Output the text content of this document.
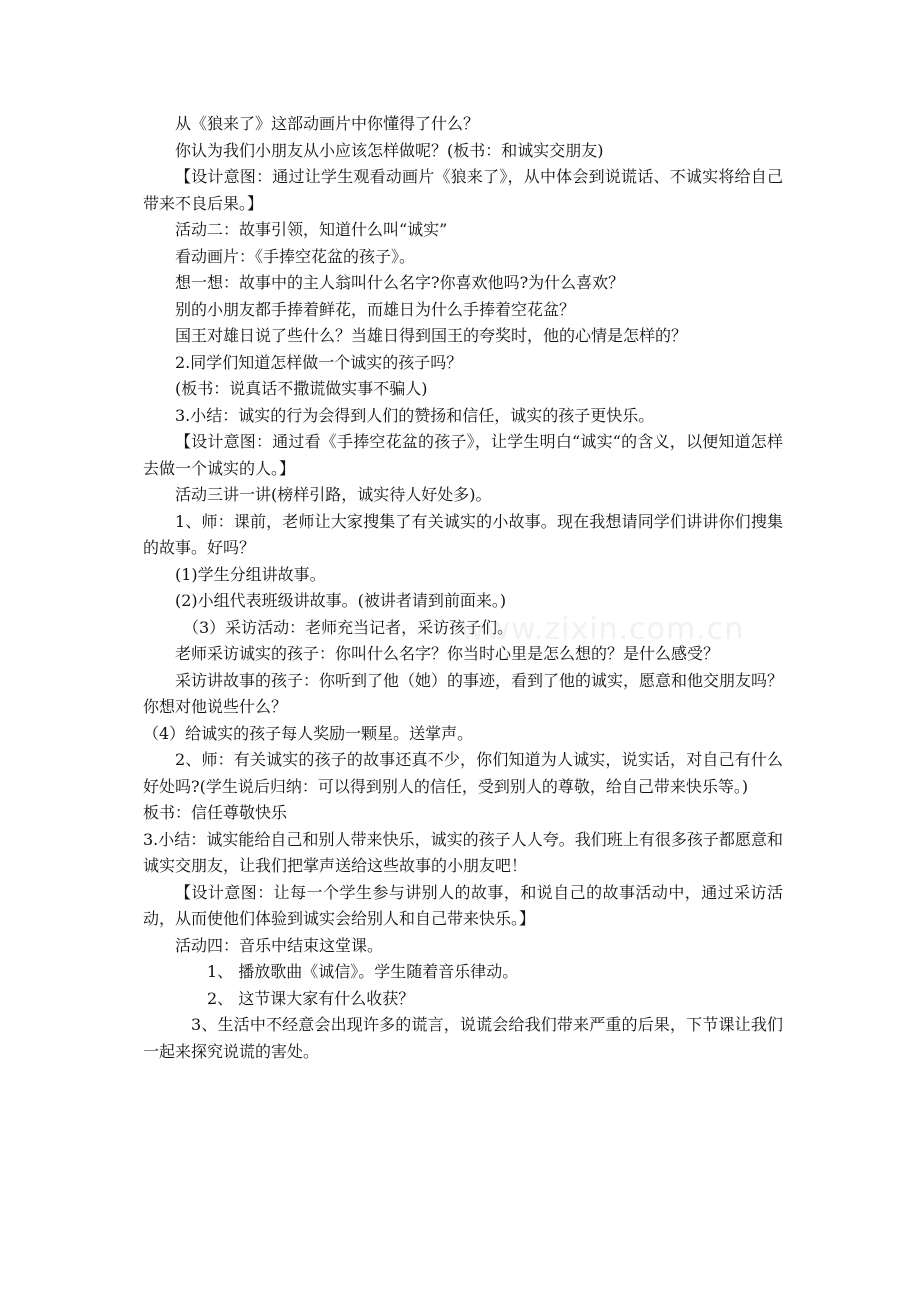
从《狼来了》这部动画片中你懂得了什么？

你认为我们小朋友从小应该怎样做呢？(板书：和诚实交朋友)

【设计意图：通过让学生观看动画片《狼来了》，从中体会到说谎话、不诚实将给自己带来不良后果。】

活动二：故事引领，知道什么叫“诚实”

看动画片：《手捧空花盆的孩子》。

想一想：故事中的主人翁叫什么名字?你喜欢他吗?为什么喜欢？

别的小朋友都手捧着鲜花，而雄日为什么手捧着空花盆？

国王对雄日说了些什么？当雄日得到国王的夸奖时，他的心情是怎样的？

2.同学们知道怎样做一个诚实的孩子吗？

(板书：说真话不撒谎做实事不骗人)

3.小结：诚实的行为会得到人们的赞扬和信任，诚实的孩子更快乐。

【设计意图：通过看《手捧空花盆的孩子》，让学生明白“诚实“的含义，以便知道怎样去做一个诚实的人。】

活动三讲一讲(榜样引路，诚实待人好处多)。

1、师：课前，老师让大家搜集了有关诚实的小故事。现在我想请同学们讲讲你们搜集的故事。好吗？

(1)学生分组讲故事。

(2)小组代表班级讲故事。(被讲者请到前面来。)

（3）采访活动：老师充当记者，采访孩子们。

老师采访诚实的孩子：你叫什么名字？你当时心里是怎么想的？是什么感受？

采访讲故事的孩子：你听到了他（她）的事迹，看到了他的诚实，愿意和他交朋友吗？你想对他说些什么？

（4）给诚实的孩子每人奖励一颗星。送掌声。

2、师：有关诚实的孩子的故事还真不少，你们知道为人诚实，说实话，对自己有什么好处吗?(学生说后归纳：可以得到别人的信任，受到别人的尊敬，给自己带来快乐等。)

板书：信任尊敬快乐

3.小结：诚实能给自己和别人带来快乐，诚实的孩子人人夸。我们班上有很多孩子都愿意和诚实交朋友，让我们把掌声送给这些故事的小朋友吧！

【设计意图：让每一个学生参与讲别人的故事，和说自己的故事活动中，通过采访活动，从而使他们体验到诚实会给别人和自己带来快乐。】

活动四：音乐中结束这堂课。

1、 播放歌曲《诚信》。学生随着音乐律动。

2、 这节课大家有什么收获？

3、生活中不经意会出现许多的谎言，说谎会给我们带来严重的后果，下节课让我们一起来探究说谎的害处。

www.zixin.com.cn
